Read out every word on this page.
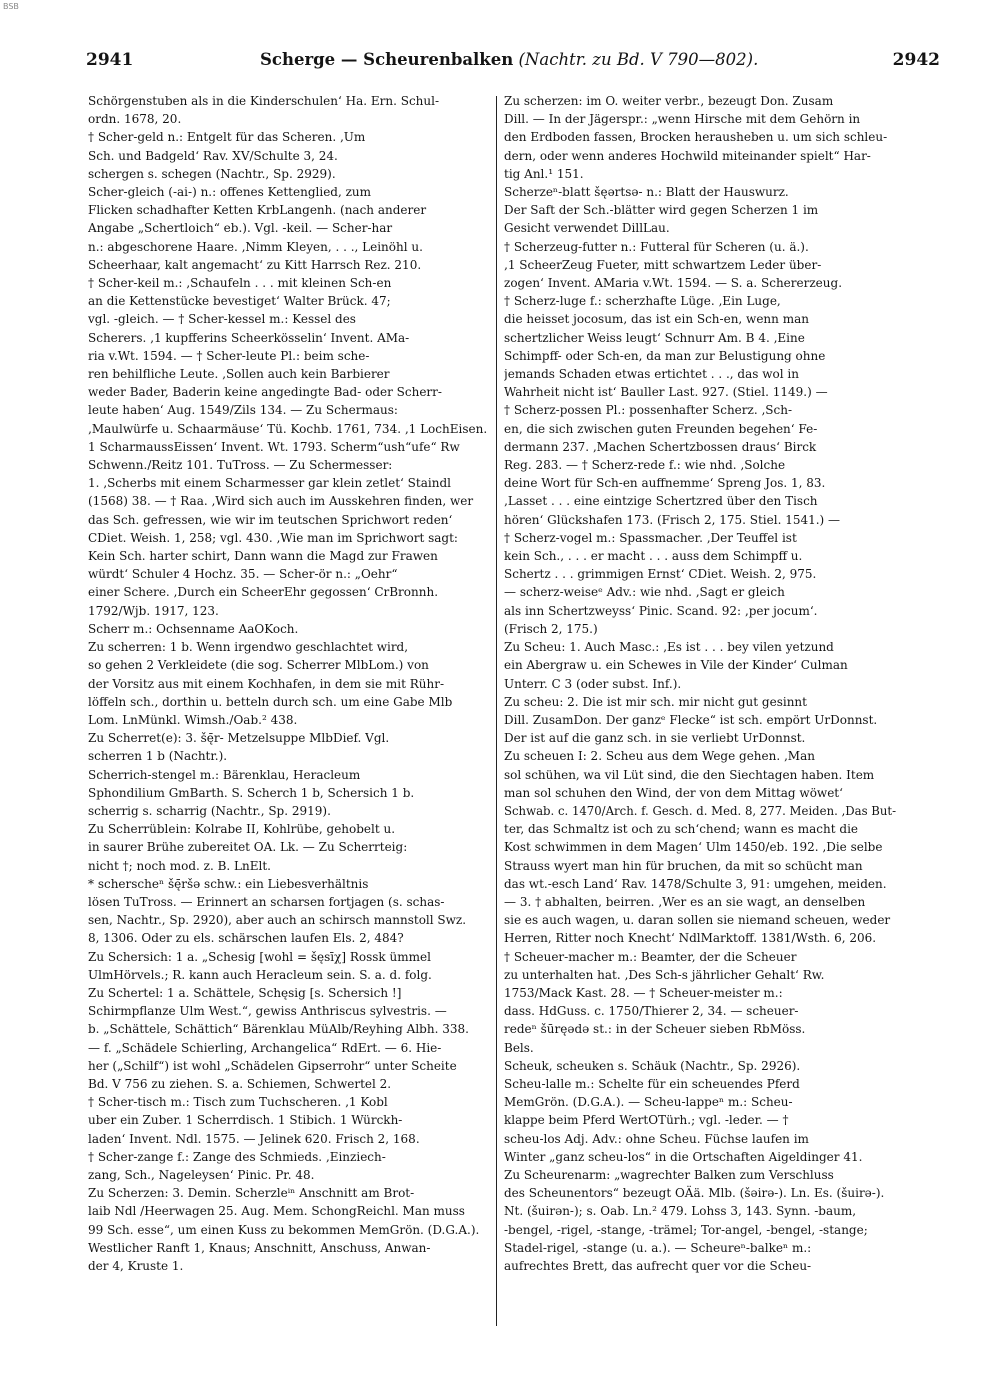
BSB
2941	Scherge — Scheurenbalken (Nachtr. zu Bd. V 790—802).	2942
Schörgenstuben als in die Kinderschulen‘ Ha. Ern. Schul-
ordn. 1678, 20.
† Scher-geld n.: Entgelt für das Scheren. ‚Um
Sch. und Badgeld‘ Rav. XV/Schulte 3, 24.
schergen s. schegen (Nachtr., Sp. 2929).
Scher-gleich (-ai-) n.: offenes Kettenglied, zum
Flicken schadhafter Ketten KrbLangenh. (nach anderer
Angabe „Schertloich“ eb.). Vgl. -keil. — Scher-har
n.: abgeschorene Haare. ‚Nimm Kleyen, . . ., Leinöhl u.
Scheerhaar, kalt angemacht‘ zu Kitt Harrsch Rez. 210.
† Scher-keil m.: ‚Schaufeln . . . mit kleinen Sch-en
an die Kettenstücke bevestiget‘ Walter Brück. 47;
vgl. -gleich. — † Scher-kessel m.: Kessel des
Scherers. ‚1 kupfferins Scheerkösselin‘ Invent. AMa-
ria v.Wt. 1594. — † Scher-leute Pl.: beim sche-
ren behilfliche Leute. ‚Sollen auch kein Barbierer
weder Bader, Baderin keine angedingte Bad- oder Scherr-
leute haben‘ Aug. 1549/Zils 134. — Zu Schermaus:
‚Maulwürfe u. Schaarmäuse‘ Tü. Kochb. 1761, 734. ‚1 LochEisen.
1 ScharmaussEissen‘ Invent. Wt. 1793. Scherm“ush“ufe“ Rw
Schwenn./Reitz 101. TuTross. — Zu Schermesser:
1. ‚Scherbs mit einem Scharmesser gar klein zetlet‘ Staindl
(1568) 38. — † Raa. ‚Wird sich auch im Ausskehren finden, wer
das Sch. gefressen, wie wir im teutschen Sprichwort reden‘
CDiet. Weish. 1, 258; vgl. 430. ‚Wie man im Sprichwort sagt:
Kein Sch. harter schirt, Dann wann die Magd zur Frawen
würdt‘ Schuler 4 Hochz. 35. — Scher-ör n.: „Oehr“
einer Schere. ‚Durch ein ScheerEhr gegossen‘ CrBronnh.
1792/Wjb. 1917, 123.
Scherr m.: Ochsenname AaOKoch.
Zu scherren: 1 b. Wenn irgendwo geschlachtet wird,
so gehen 2 Verkleidete (die sog. Scherrer MlbLom.) von
der Vorsitz aus mit einem Kochhafen, in dem sie mit Rühr-
löffeln sch., dorthin u. betteln durch sch. um eine Gabe Mlb
Lom. LnMünkl. Wimsh./Oab.² 438.
Zu Scherret(e): 3. šę̄r- Metzelsuppe MlbDief. Vgl.
scherren 1 b (Nachtr.).
Scherrich-stengel m.: Bärenklau, Heracleum
Sphondilium GmBarth. S. Scherch 1 b, Schersich 1 b.
scherrig s. scharrig (Nachtr., Sp. 2919).
Zu Scherrüblein: Kolrabe II, Kohlrübe, gehobelt u.
in saurer Brühe zubereitet OA. Lk. — Zu Scherrteig:
nicht †; noch mod. z. B. LnElt.
* scherscheⁿ šę̄ršə schw.: ein Liebesverhältnis
lösen TuTross. — Erinnert an scharsen fortjagen (s. schas-
sen, Nachtr., Sp. 2920), aber auch an schirsch mannstoll Swz.
8, 1306. Oder zu els. schärschen laufen Els. 2, 484?
Zu Schersich: 1 a. „Schesig [wohl = šęsīχ] Rossk ümmel
UlmHörvels.; R. kann auch Heracleum sein. S. a. d. folg.
Zu Schertel: 1 a. Schättele, Schęsig [s. Schersich !]
Schirmpflanze Ulm West.“, gewiss Anthriscus sylvestris. —
b. „Schättele, Schättich“ Bärenklau MüAlb/Reyhing Albh. 338.
— f. „Schädele Schierling, Archangelica“ RdErt. — 6. Hie-
her („Schilf“) ist wohl „Schädelen Gipserrohr“ unter Scheite
Bd. V 756 zu ziehen. S. a. Schiemen, Schwertel 2.
† Scher-tisch m.: Tisch zum Tuchscheren. ‚1 Kobl
uber ein Zuber. 1 Scherrdisch. 1 Stibich. 1 Würckh-
laden‘ Invent. Ndl. 1575. — Jelinek 620. Frisch 2, 168.
† Scher-zange f.: Zange des Schmieds. ‚Einziech-
zang, Sch., Nageleysen‘ Pinic. Pr. 48.
Zu Scherzen: 3. Demin. Scherzleⁱⁿ Anschnitt am Brot-
laib Ndl /Heerwagen 25. Aug. Mem. SchongReichl. Man muss
99 Sch. esse“, um einen Kuss zu bekommen MemGrön. (D.G.A.).
Westlicher Ranft 1, Knaus; Anschnitt, Anschuss, Anwan-
der 4, Kruste 1.
Zu scherzen: im O. weiter verbr., bezeugt Don. Zusam
Dill. — In der Jägerspr.: „wenn Hirsche mit dem Gehörn in
den Erdboden fassen, Brocken herausheben u. um sich schleu-
dern, oder wenn anderes Hochwild miteinander spielt“ Har-
tig Anl.¹ 151.
Scherzeⁿ-blatt šęərtsə- n.: Blatt der Hauswurz.
Der Saft der Sch.-blätter wird gegen Scherzen 1 im
Gesicht verwendet DillLau.
† Scherzeug-futter n.: Futteral für Scheren (u. ä.).
‚1 ScheerZeug Fueter, mitt schwartzem Leder über-
zogen‘ Invent. AMaria v.Wt. 1594. — S. a. Schererzeug.
† Scherz-luge f.: scherzhafte Lüge. ‚Ein Luge,
die heisset jocosum, das ist ein Sch-en, wenn man
schertzlicher Weiss leugt‘ Schnurr Am. B 4. ‚Eine
Schimpff- oder Sch-en, da man zur Belustigung ohne
jemands Schaden etwas ertichtet . . ., das wol in
Wahrheit nicht ist‘ Bauller Last. 927. (Stiel. 1149.) —
† Scherz-possen Pl.: possenhafter Scherz. ‚Sch-
en, die sich zwischen guten Freunden begehen‘ Fe-
dermann 237. ‚Machen Schertzbossen draus‘ Birck
Reg. 283. — † Scherz-rede f.: wie nhd. ‚Solche
deine Wort für Sch-en auffnemme‘ Spreng Jos. 1, 83.
‚Lasset . . . eine eintzige Schertzred über den Tisch
hören‘ Glückshafen 173. (Frisch 2, 175. Stiel. 1541.) —
† Scherz-vogel m.: Spassmacher. ‚Der Teuffel ist
kein Sch., . . . er macht . . . auss dem Schimpff u.
Schertz . . . grimmigen Ernst‘ CDiet. Weish. 2, 975.
— scherz-weiseᵉ Adv.: wie nhd. ‚Sagt er gleich
als inn Schertzweyss‘ Pinic. Scand. 92: ‚per jocum‘.
(Frisch 2, 175.)
Zu Scheu: 1. Auch Masc.: ‚Es ist . . . bey vilen yetzund
ein Abergraw u. ein Schewes in Vile der Kinder‘ Culman
Unterr. C 3 (oder subst. Inf.).
Zu scheu: 2. Die ist mir sch. mir nicht gut gesinnt
Dill. ZusamDon. Der ganzᵉ Flecke“ ist sch. empört UrDonnst.
Der ist auf die ganz sch. in sie verliebt UrDonnst.
Zu scheuen I: 2. Scheu aus dem Wege gehen. ‚Man
sol schühen, wa vil Lüt sind, die den Siechtagen haben. Item
man sol schuhen den Wind, der von dem Mittag wöwet‘
Schwab. c. 1470/Arch. f. Gesch. d. Med. 8, 277. Meiden. ‚Das But-
ter, das Schmaltz ist och zu sch‘chend; wann es macht die
Kost schwimmen in dem Magen‘ Ulm 1450/eb. 192. ‚Die selbe
Strauss wyert man hin für bruchen, da mit so schücht man
das wt.-esch Land‘ Rav. 1478/Schulte 3, 91: umgehen, meiden.
— 3. † abhalten, beirren. ‚Wer es an sie wagt, an denselben
sie es auch wagen, u. daran sollen sie niemand scheuen, weder
Herren, Ritter noch Knecht‘ NdlMarktoff. 1381/Wsth. 6, 206.
† Scheuer-macher m.: Beamter, der die Scheuer
zu unterhalten hat. ‚Des Sch-s jährlicher Gehalt‘ Rw.
1753/Mack Kast. 28. — † Scheuer-meister m.:
dass. HdGuss. c. 1750/Thierer 2, 34. — scheuer-
redeⁿ šūręədə st.: in der Scheuer sieben RbMöss.
Bels.
Scheuk, scheuken s. Schäuk (Nachtr., Sp. 2926).
Scheu-lalle m.: Schelte für ein scheuendes Pferd
MemGrön. (D.G.A.). — Scheu-lappeⁿ m.: Scheu-
klappe beim Pferd WertOTürh.; vgl. -leder. — †
scheu-los Adj. Adv.: ohne Scheu. Füchse laufen im
Winter „ganz scheu-los“ in die Ortschaften Aigeldinger 41.
Zu Scheurenarm: „wagrechter Balken zum Verschluss
des Scheunentors“ bezeugt OÄä. Mlb. (šəirə-). Ln. Es. (šuirə-).
Nt. (šuirən-); s. Oab. Ln.² 479. Lohss 3, 143. Synn. -baum,
-bengel, -rigel, -stange, -trämel; Tor-angel, -bengel, -stange;
Stadel-rigel, -stange (u. a.). — Scheureⁿ-balkeⁿ m.:
aufrechtes Brett, das aufrecht quer vor die Scheu-
